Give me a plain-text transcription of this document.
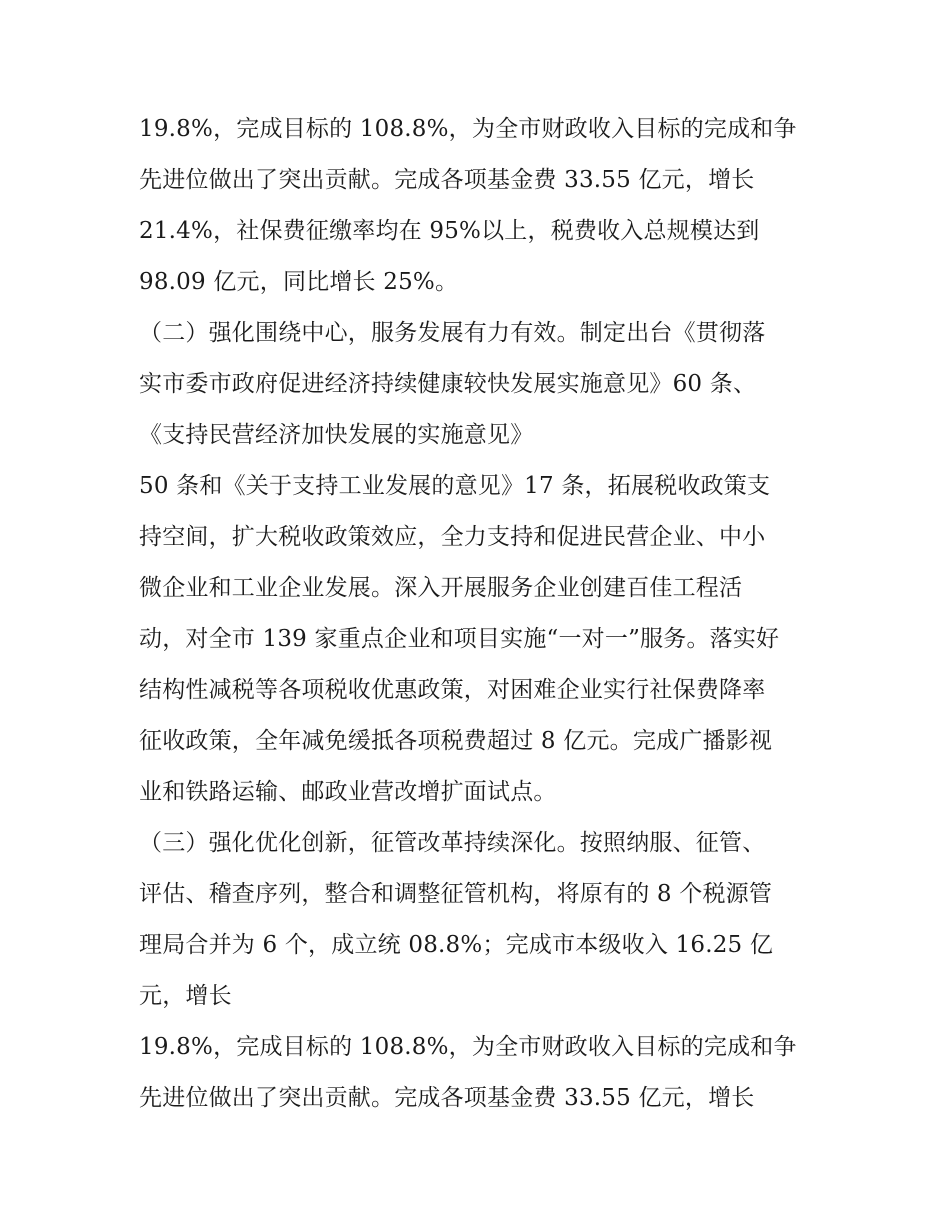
19.8%，完成目标的 108.8%，为全市财政收入目标的完成和争
先进位做出了突出贡献。完成各项基金费 33.55 亿元，增长
21.4%，社保费征缴率均在 95%以上，税费收入总规模达到
98.09 亿元，同比增长 25%。
（二）强化围绕中心，服务发展有力有效。制定出台《贯彻落
实市委市政府促进经济持续健康较快发展实施意见》60 条、
《支持民营经济加快发展的实施意见》
50 条和《关于支持工业发展的意见》17 条，拓展税收政策支
持空间，扩大税收政策效应，全力支持和促进民营企业、中小
微企业和工业企业发展。深入开展服务企业创建百佳工程活
动，对全市 139 家重点企业和项目实施“一对一”服务。落实好
结构性减税等各项税收优惠政策，对困难企业实行社保费降率
征收政策，全年减免缓抵各项税费超过 8 亿元。完成广播影视
业和铁路运输、邮政业营改增扩面试点。
（三）强化优化创新，征管改革持续深化。按照纳服、征管、
评估、稽查序列，整合和调整征管机构，将原有的 8 个税源管
理局合并为 6 个，成立统 08.8%；完成市本级收入 16.25 亿
元，增长
19.8%，完成目标的 108.8%，为全市财政收入目标的完成和争
先进位做出了突出贡献。完成各项基金费 33.55 亿元，增长
